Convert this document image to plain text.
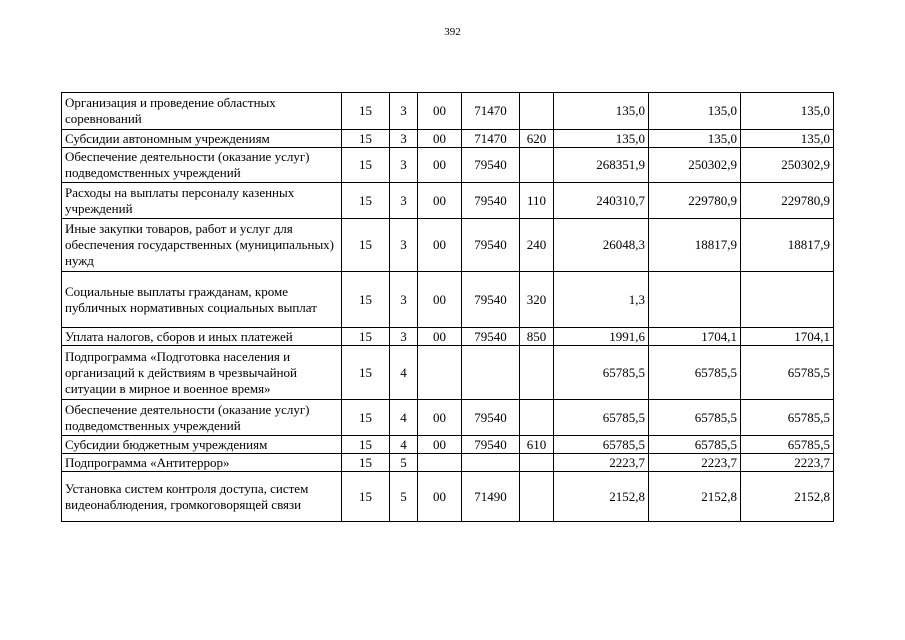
392
Организация и проведение областных соревнований	15	3	00	71470		135,0	135,0	135,0
Субсидии автономным учреждениям	15	3	00	71470	620	135,0	135,0	135,0
Обеспечение деятельности (оказание услуг) подведомственных учреждений	15	3	00	79540		268351,9	250302,9	250302,9
Расходы на выплаты персоналу казенных учреждений	15	3	00	79540	110	240310,7	229780,9	229780,9
Иные закупки товаров, работ и услуг для обеспечения государственных (муниципальных) нужд	15	3	00	79540	240	26048,3	18817,9	18817,9
Социальные выплаты гражданам, кроме публичных нормативных социальных выплат	15	3	00	79540	320	1,3		
Уплата налогов, сборов и иных платежей	15	3	00	79540	850	1991,6	1704,1	1704,1
Подпрограмма «Подготовка населения и организаций к действиям в чрезвычайной ситуации в мирное и военное время»	15	4				65785,5	65785,5	65785,5
Обеспечение деятельности (оказание услуг) подведомственных учреждений	15	4	00	79540		65785,5	65785,5	65785,5
Субсидии бюджетным учреждениям	15	4	00	79540	610	65785,5	65785,5	65785,5
Подпрограмма «Антитеррор»	15	5				2223,7	2223,7	2223,7
Установка систем контроля доступа, систем видеонаблюдения, громкоговорящей связи	15	5	00	71490		2152,8	2152,8	2152,8
